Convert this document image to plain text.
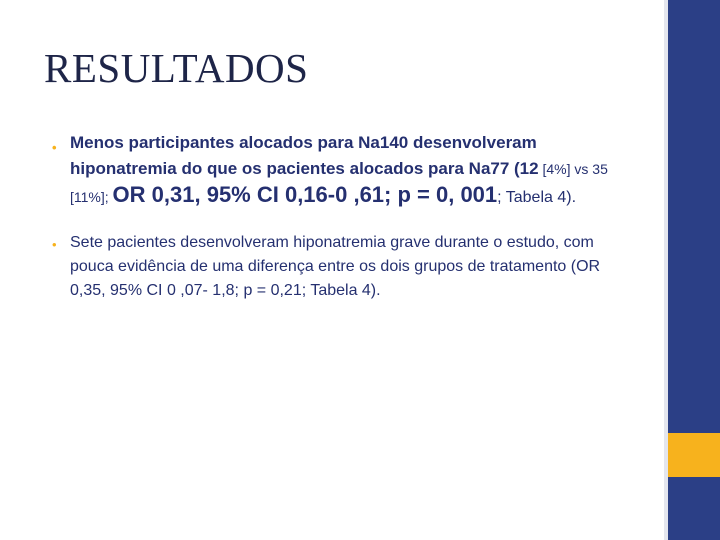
RESULTADOS
• Menos participantes alocados para Na140 desenvolveram hiponatremia do que os pacientes alocados para Na77 (12 [4%] vs 35 [11%]; OR 0,31, 95% CI 0,16-0 ,61; p = 0, 001; Tabela 4).
• Sete pacientes desenvolveram hiponatremia grave durante o estudo, com pouca evidência de uma diferença entre os dois grupos de tratamento (OR 0,35, 95% CI 0 ,07- 1,8; p = 0,21; Tabela 4).
